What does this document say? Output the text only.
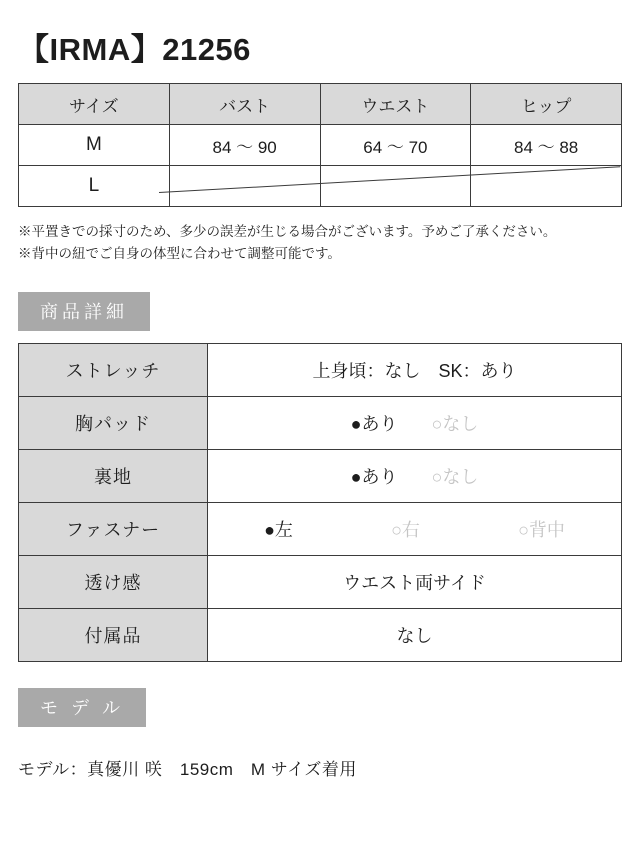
【IRMA】21256
サイズ	バスト	ウエスト	ヒップ
M	84 〜 90	64 〜 70	84 〜 88
L			
※平置きでの採寸のため、多少の誤差が生じる場合がございます。予めご了承ください。
※背中の紐でご自身の体型に合わせて調整可能です。
商品詳細
ストレッチ	上身頃：なし　SK：あり
胸パッド	●あり ○なし
裏地	●あり ○なし
ファスナー	●左 ○右 ○背中

透け感	ウエスト両サイド
付属品	なし
モ デ ル
モデル：真優川 咲　159cm　M サイズ着用
